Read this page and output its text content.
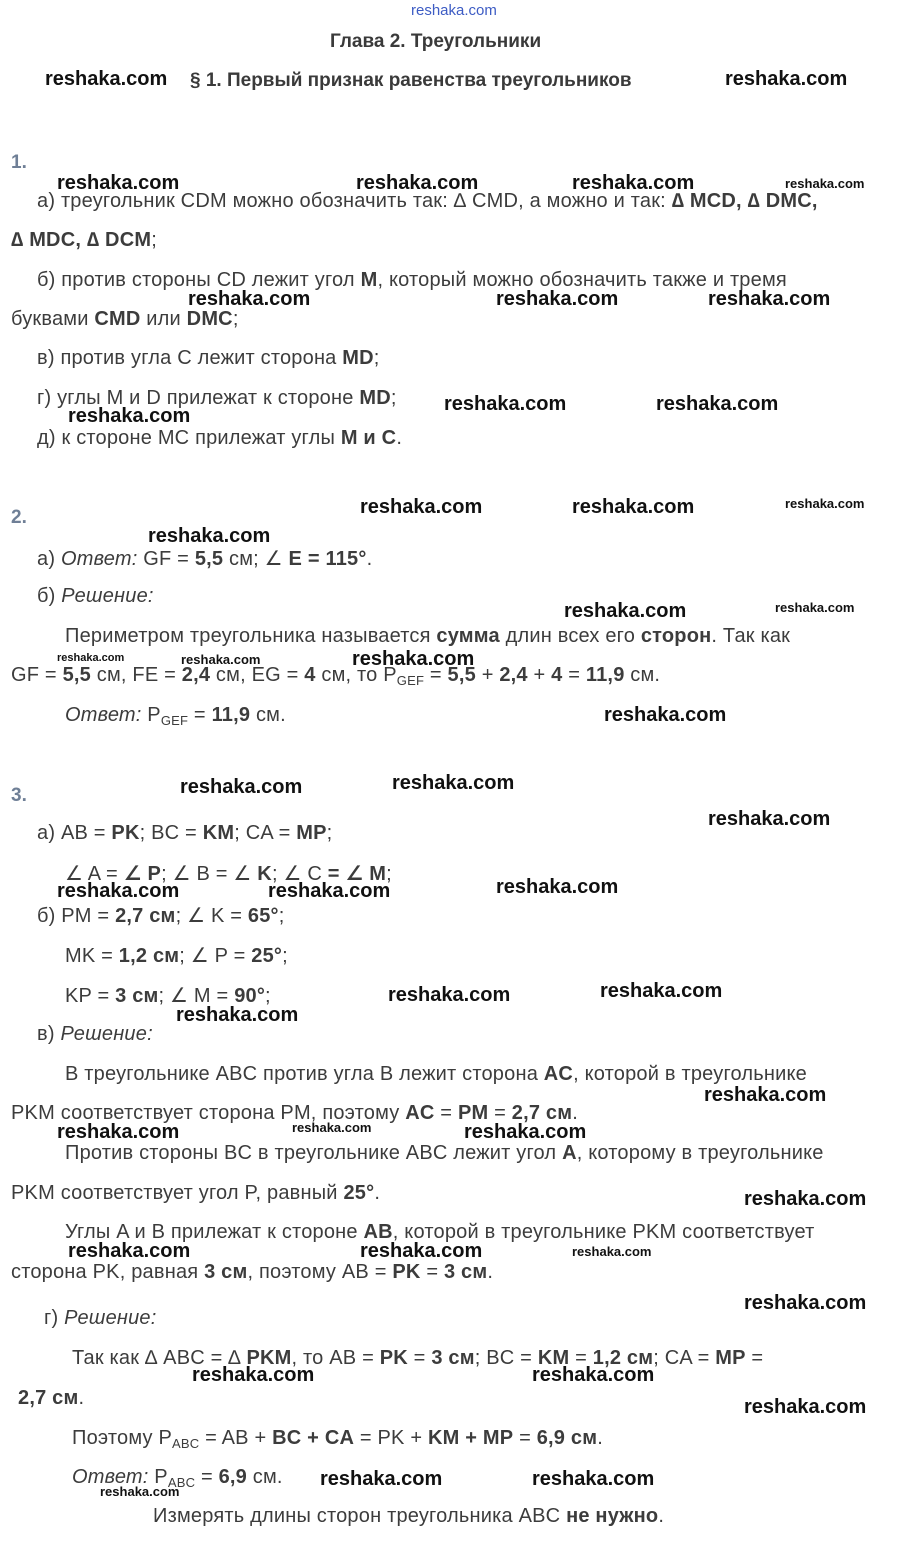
reshaka.com
Глава 2. Треугольники
§ 1. Первый признак равенства треугольников
1.
а) треугольник CDM можно обозначить так: ∆ CMD, а можно и так: ∆ MCD, ∆ DMC,
∆ MDC, ∆ DCM;
б) против стороны CD лежит угол M, который можно обозначить также и тремя
буквами CMD или DMC;
в) против угла C лежит сторона MD;
г) углы M и D прилежат к стороне MD;
д) к стороне MC прилежат углы M и C.
2.
а) Ответ: GF = 5,5 см; ∠ E = 115°.
б) Решение:
Периметром треугольника называется сумма длин всех его сторон. Так как
GF = 5,5 см, FE = 2,4 см, EG = 4 см, то $P_{GEF} = 5,5 + 2,4 + 4 = 11,9$ см.
Ответ: $P_{GEF} = 11,9$ см.
3.
а) AB = PK; BC = KM; CA = MP;
∠ A = ∠ P; ∠ B = ∠ K; ∠ C = ∠ M;
б) PM = 2,7 см; ∠ K = 65°;
MK = 1,2 см; ∠ P = 25°;
KP = 3 см; ∠ M = 90°;
в) Решение:
В треугольнике ABC против угла B лежит сторона AC, которой в треугольнике
PKM соответствует сторона PM, поэтому AC = PM = 2,7 см.
Против стороны BC в треугольнике ABC лежит угол A, которому в треугольнике
PKM соответствует угол P, равный 25°.
Углы A и B прилежат к стороне AB, которой в треугольнике PKM соответствует
сторона PK, равная 3 см, поэтому AB = PK = 3 см.
г) Решение:
Так как ∆ ABC = ∆ PKM, то AB = PK = 3 см; BC = KM = 1,2 см; CA = MP =
2,7 см.
Поэтому $P_{ABC}$ = AB + BC + CA = PK + KM + MP = 6,9 см.
Ответ: $P_{ABC} = 6,9$ см.
Измерять длины сторон треугольника ABC не нужно.
reshaka.com	reshaka.com
reshaka.com	reshaka.com	reshaka.com	reshaka.com
reshaka.com	reshaka.com	reshaka.com
reshaka.com	reshaka.com
reshaka.com
reshaka.com	reshaka.com	reshaka.com
reshaka.com
reshaka.com	reshaka.com
reshaka.com	reshaka.com	reshaka.com
reshaka.com
reshaka.com	reshaka.com
reshaka.com
reshaka.com	reshaka.com	reshaka.com
reshaka.com	reshaka.com
reshaka.com
reshaka.com
reshaka.com	reshaka.com	reshaka.com
reshaka.com
reshaka.com	reshaka.com	reshaka.com
reshaka.com
reshaka.com	reshaka.com
reshaka.com
reshaka.com	reshaka.com
reshaka.com
